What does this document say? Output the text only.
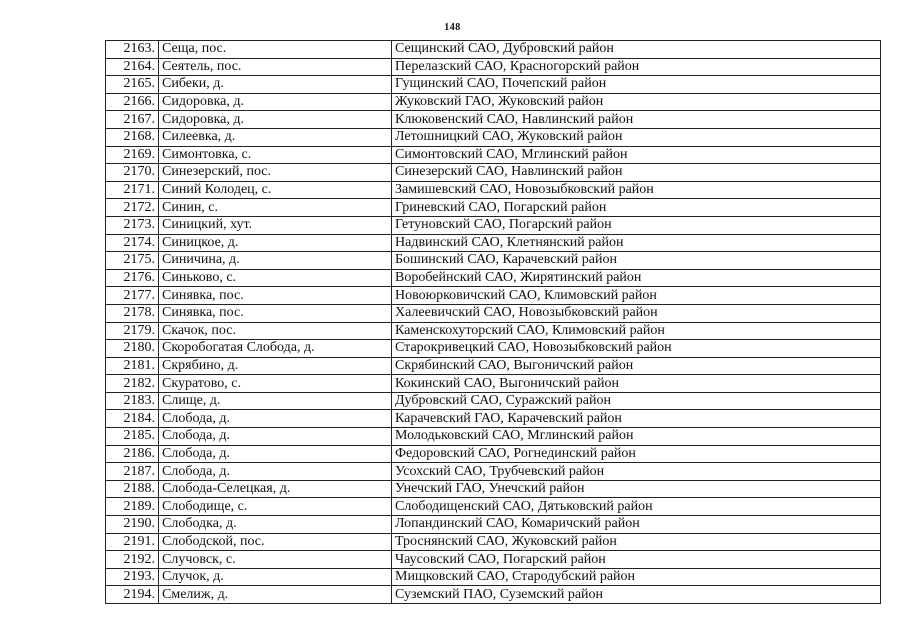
148
2163.	Сеща, пос.	Сещинский САО, Дубровский район
2164.	Сеятель, пос.	Перелазский САО, Красногорский район
2165.	Сибеки, д.	Гущинский САО, Почепский район
2166.	Сидоровка, д.	Жуковский ГАО, Жуковский район
2167.	Сидоровка, д.	Клюковенский САО, Навлинский район
2168.	Силеевка, д.	Летошницкий САО, Жуковский район
2169.	Симонтовка, с.	Симонтовский САО, Мглинский район
2170.	Синезерский, пос.	Синезерский САО, Навлинский район
2171.	Синий Колодец, с.	Замишевский САО, Новозыбковский район
2172.	Синин, с.	Гриневский САО, Погарский район
2173.	Синицкий, хут.	Гетуновский САО, Погарский район
2174.	Синицкое, д.	Надвинский САО, Клетнянский район
2175.	Синичина, д.	Бошинский САО, Карачевский район
2176.	Синьково, с.	Воробейнский САО, Жирятинский район
2177.	Синявка, пос.	Новоюрковичский САО, Климовский район
2178.	Синявка, пос.	Халеевичский САО, Новозыбковский район
2179.	Скачок, пос.	Каменскохуторский САО, Климовский район
2180.	Скоробогатая Слобода, д.	Старокривецкий САО, Новозыбковский район
2181.	Скрябино, д.	Скрябинский САО, Выгоничский район
2182.	Скуратово, с.	Кокинский САО, Выгоничский район
2183.	Слище, д.	Дубровский САО, Суражский район
2184.	Слобода, д.	Карачевский ГАО, Карачевский район
2185.	Слобода, д.	Молодьковский САО, Мглинский район
2186.	Слобода, д.	Федоровский САО, Рогнединский район
2187.	Слобода, д.	Усохский САО, Трубчевский район
2188.	Слобода-Селецкая, д.	Унечский ГАО, Унечский район
2189.	Слободище, с.	Слободищенский САО, Дятьковский район
2190.	Слободка, д.	Лопандинский САО, Комаричский район
2191.	Слободской, пос.	Троснянский САО, Жуковский район
2192.	Случовск, с.	Чаусовский САО, Погарский район
2193.	Случок, д.	Мищковский САО, Стародубский район
2194.	Смелиж, д.	Суземский ПАО, Суземский район
